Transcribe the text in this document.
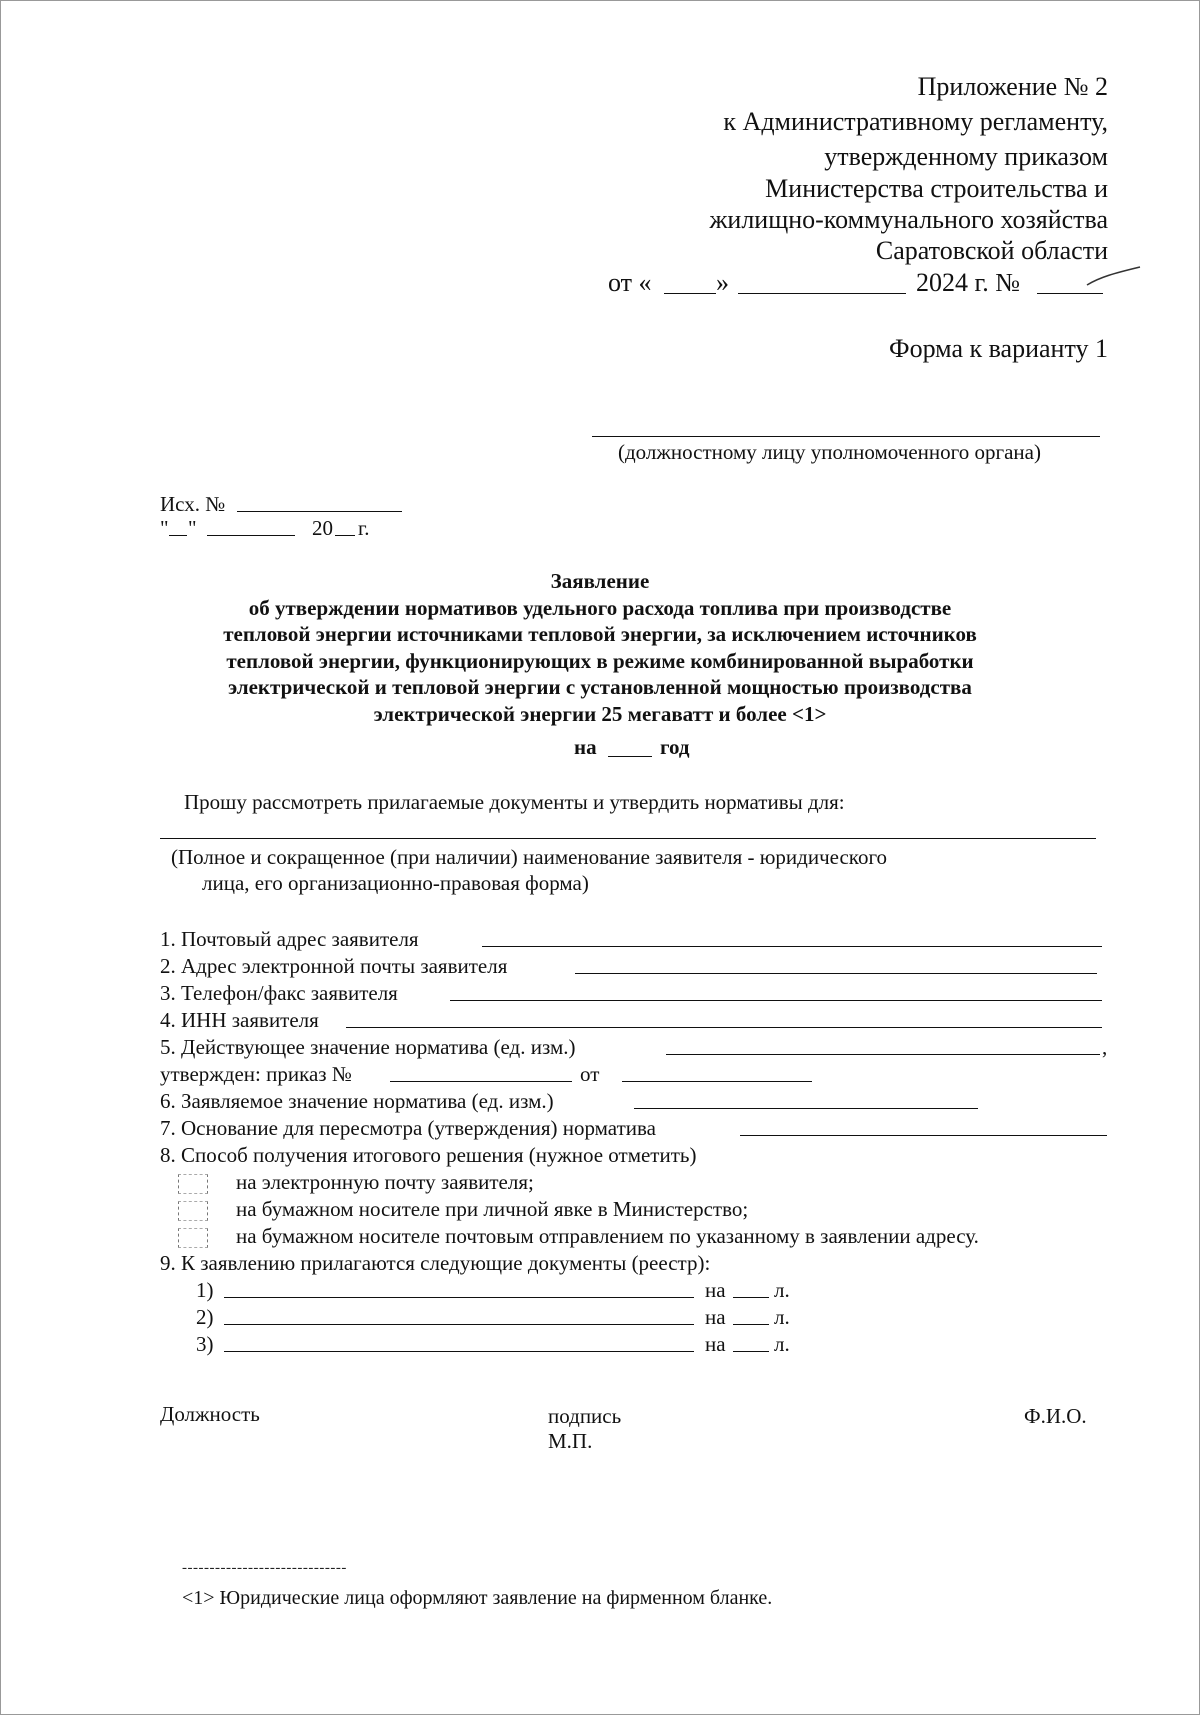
Приложение № 2
к Административному регламенту,
утвержденному приказом
Министерства строительства и
жилищно-коммунального хозяйства
Саратовской области
от « »	2024 г. №
Форма к варианту 1
(должностному лицу уполномоченного органа)
Исх. №
" "	20 г.
Заявление
об утверждении нормативов удельного расхода топлива при производстве
тепловой энергии источниками тепловой энергии, за исключением источников
тепловой энергии, функционирующих в режиме комбинированной выработки
электрической и тепловой энергии с установленной мощностью производства
электрической энергии 25 мегаватт и более <1>
на	год
Прошу рассмотреть прилагаемые документы и утвердить нормативы для:
(Полное и сокращенное (при наличии) наименование заявителя - юридического
лица, его организационно-правовая форма)
1. Почтовый адрес заявителя
2. Адрес электронной почты заявителя
3. Телефон/факс заявителя
4. ИНН заявителя
5. Действующее значение норматива (ед. изм.)	,
утвержден: приказ №	от
6. Заявляемое значение норматива (ед. изм.)
7. Основание для пересмотра (утверждения) норматива
8. Способ получения итогового решения (нужное отметить)
на электронную почту заявителя;
на бумажном носителе при личной явке в Министерство;
на бумажном носителе почтовым отправлением по указанному в заявлении адресу.
9. К заявлению прилагаются следующие документы (реестр):
1)	на л.
2)	на л.
3)	на л.
Должность	подпись
М.П.
Ф.И.О.
------------------------------
<1> Юридические лица оформляют заявление на фирменном бланке.
